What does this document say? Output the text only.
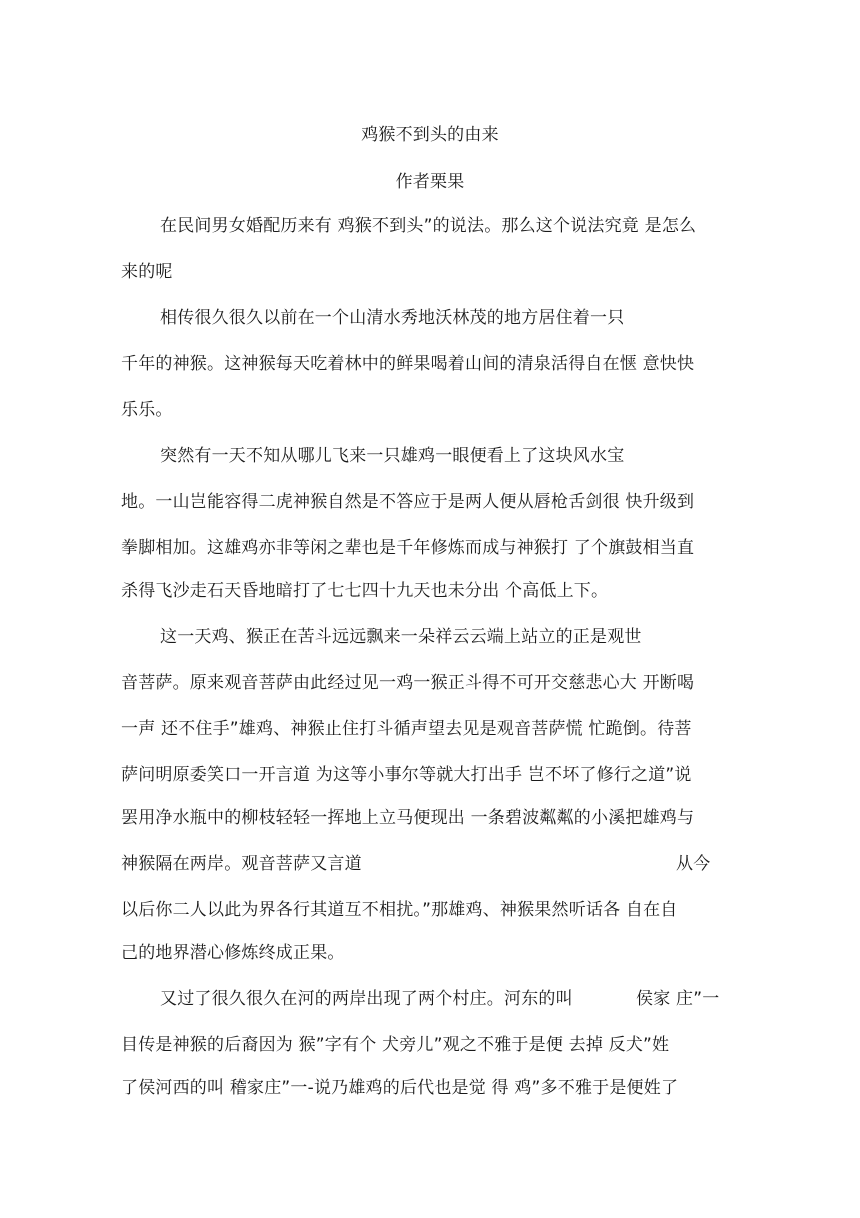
鸡猴不到头的由来
作者栗果
在民间男女婚配历来有 鸡猴不到头”的说法。那么这个说法究竟 是怎么
来的呢
相传很久很久以前在一个山清水秀地沃林茂的地方居住着一只
千年的神猴。这神猴每天吃着林中的鲜果喝着山间的清泉活得自在惬 意快快
乐乐。
突然有一天不知从哪儿飞来一只雄鸡一眼便看上了这块风水宝
地。一山岂能容得二虎神猴自然是不答应于是两人便从唇枪舌剑很 快升级到
拳脚相加。这雄鸡亦非等闲之辈也是千年修炼而成与神猴打 了个旗鼓相当直
杀得飞沙走石天昏地暗打了七七四十九天也未分出 个高低上下。
这一天鸡、猴正在苦斗远远飘来一朵祥云云端上站立的正是观世
音菩萨。原来观音菩萨由此经过见一鸡一猴正斗得不可开交慈悲心大 开断喝
一声 还不住手”雄鸡、神猴止住打斗循声望去见是观音菩萨慌 忙跪倒。待菩
萨问明原委笑口一开言道 为这等小事尔等就大打出手 岂不坏了修行之道”说
罢用净水瓶中的柳枝轻轻一挥地上立马便现出 一条碧波粼粼的小溪把雄鸡与
神猴隔在两岸。观音菩萨又言道	从今
以后你二人以此为界各行其道互不相扰。”那雄鸡、神猴果然听话各 自在自
己的地界潜心修炼终成正果。
又过了很久很久在河的两岸出现了两个村庄。河东的叫	侯家 庄”一
目传是神猴的后裔因为 猴”字有个 犬旁儿”观之不雅于是便 去掉 反犬”姓
了侯河西的叫 稽家庄”一-说乃雄鸡的后代也是觉 得 鸡”多不雅于是便姓了
